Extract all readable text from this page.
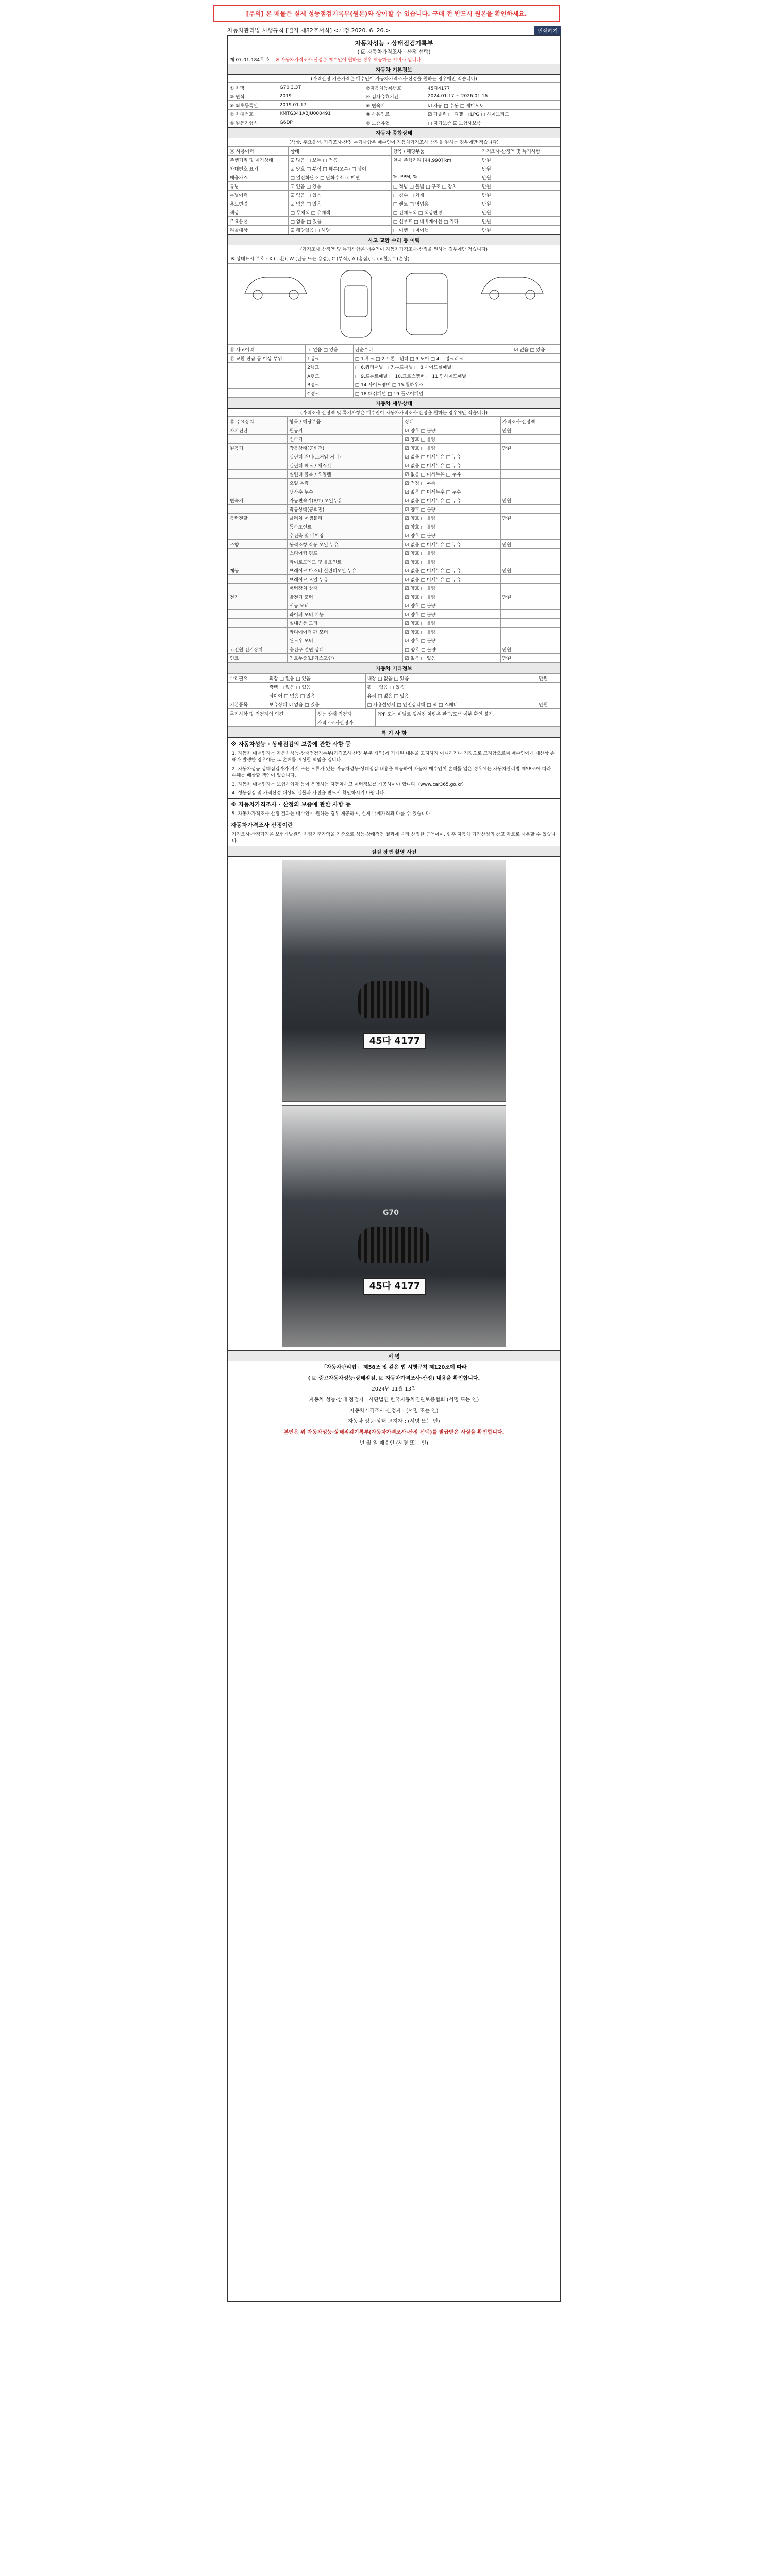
[주의] 본 매물은 실제 성능점검기록부(원본)와 상이할 수 있습니다. 구매 전 반드시 원본을 확인하세요.
자동차관리법 시행규칙 [별지 제82호서식] <개정 2020. 6. 26.>	인쇄하기
자동차성능 · 상태점검기록부
( ☑ 자동차가격조사 · 산정 선택)
제 07-01-184호 호 ※ 자동차가격조사·산정은 매수인이 원하는 경우 제공하는 서비스 입니다.
자동차 기본정보
(가격산정 기준가격은 매수인이 자동차가격조사·산정을 원하는 경우에만 적습니다)
① 차명	G70 3.3T	②자동차등록번호	45다4177
③ 연식	2019	④ 검사유효기간	2024.01.17 ~ 2026.01.16
⑤ 최초등록일	2019.01.17	⑥ 변속기	☑ 자동 □ 수동 □ 세미오토
⑦ 차대번호	KMTG341ABJU000491	⑧ 사용연료	☑ 가솔린 □ 디젤 □ LPG □ 하이브리드
⑨ 원동기형식	G6DP	⑩ 보증유형	□ 자가보증 ☑ 보험사보증
자동차 종합상태
(색상, 주요옵션, 가격조사·산정 특기사항은 매수인이 자동차가격조사·산정을 원하는 경우에만 적습니다)
⑪ 사용이력	상태	항목 / 해당부품	가격조사·산정액 및 특기사항
주행거리 및 계기상태	☑ 많음 □ 보통 □ 적음	현재 주행거리 [44,990] km	만원
차대번호 표기	☑ 양호 □ 부식 □ 훼손(오손) □ 상이		만원
배출가스	□ 일산화탄소 □ 탄화수소 ☑ 매연	%, PPM, %	만원
튜닝	☑ 없음 □ 있음	□ 적법 □ 불법 □ 구조 □ 장치	만원
특별이력	☑ 없음 □ 있음	□ 침수 □ 화재	만원
용도변경	☑ 없음 □ 있음	□ 렌트 □ 영업용	만원
색상	□ 무채색 □ 유채색	□ 전체도색 □ 색상변경	만원
주요옵션	□ 없음 □ 있음	□ 선루프 □ 네비게이션 □ 기타	만원
리콜대상	☑ 해당없음 □ 해당	□ 이행 □ 미이행	만원
사고 교환 수리 등 이력
(가격조사·산정액 및 특기사항은 매수인이 자동차가격조사·산정을 원하는 경우에만 적습니다)
※ 상태표시 부호 : X (교환), W (판금 또는 용접), C (부식), A (흠집), U (요철), T (손상)
⑬ 사고이력	☑ 없음 □ 있음	단순수리	☑ 없음 □ 있음
⑭ 교환 판금 등 이상 부위	1랭크	□ 1.후드 □ 2.프론트휀더 □ 3.도어 □ 4.트렁크리드	
	2랭크	□ 6.쿼터패널 □ 7.루프패널 □ 8.사이드실패널	
	A랭크	□ 9.프론트패널 □ 10.크로스멤버 □ 11.인사이드패널	
	B랭크	□ 14.사이드멤버 □ 15.휠하우스	
	C랭크	□ 18.대쉬패널 □ 19.플로어패널	
자동차 세부상태
(가격조사·산정액 및 특기사항은 매수인이 자동차가격조사·산정을 원하는 경우에만 적습니다)
⑰ 주요장치	항목 / 해당부품	상태	가격조사·산정액
자기진단	원동기	☑ 양호 □ 불량	만원
	변속기	☑ 양호 □ 불량	
원동기	작동상태(공회전)	☑ 양호 □ 불량	만원
	실린더 커버(로커암 커버)	☑ 없음 □ 미세누유 □ 누유	
	실린더 헤드 / 개스킷	☑ 없음 □ 미세누유 □ 누유	
	실린더 블록 / 오일팬	☑ 없음 □ 미세누유 □ 누유	
	오일 유량	☑ 적정 □ 부족	
	냉각수 누수	☑ 없음 □ 미세누수 □ 누수	
변속기	자동변속기(A/T) 오일누유	☑ 없음 □ 미세누유 □ 누유	만원
	작동상태(공회전)	☑ 양호 □ 불량	
동력전달	클러치 어셈블리	☑ 양호 □ 불량	만원
	등속조인트	☑ 양호 □ 불량	
	추진축 및 베어링	☑ 양호 □ 불량	
조향	동력조향 작동 오일 누유	☑ 없음 □ 미세누유 □ 누유	만원
	스티어링 펌프	☑ 양호 □ 불량	
	타이로드엔드 및 볼조인트	☑ 양호 □ 불량	
제동	브레이크 마스터 실린더오일 누유	☑ 없음 □ 미세누유 □ 누유	만원
	브레이크 오일 누유	☑ 없음 □ 미세누유 □ 누유	
	배력장치 상태	☑ 양호 □ 불량	
전기	발전기 출력	☑ 양호 □ 불량	만원
	시동 모터	☑ 양호 □ 불량	
	와이퍼 모터 기능	☑ 양호 □ 불량	
	실내송풍 모터	☑ 양호 □ 불량	
	라디에이터 팬 모터	☑ 양호 □ 불량	
	윈도우 모터	☑ 양호 □ 불량	
고전원 전기장치	충전구 절연 상태	□ 양호 □ 불량	만원
연료	연료누출(LP가스포함)	☑ 없음 □ 있음	만원
자동차 기타정보
수리필요	외장 □ 없음 □ 있음	내장 □ 없음 □ 있음	만원
	광택 □ 없음 □ 있음	휠 □ 없음 □ 있음	
	타이어 □ 없음 □ 있음	유리 □ 없음 □ 있음	
기본품목	보유상태 ☑ 없음 □ 있음	□ 사용설명서 □ 안전삼각대 □ 잭 □ 스패너	만원
특기사항 및 점검자의 의견	성능·상태 점검자	PPF 또는 비닐로 덮혀진 차량은 판금/도색 여부 확인 불가.
	가격 · 조사산정자	
특 기 사 항
※ 자동차성능 · 상태점검의 보증에 관한 사항 등
1. 자동차 매매업자는 자동차성능·상태점검기록부(가격조사·산정 부분 제외)에 기재된 내용을 고지하지 아니하거나 거짓으로 고지함으로써 매수인에게 재산상 손해가 발생한 경우에는 그 손해를 배상할 책임을 집니다.
2. 자동차성능·상태점검자가 거짓 또는 오류가 있는 자동차성능·상태점검 내용을 제공하여 자동차 매수인이 손해를 입은 경우에는 자동차관리법 제58조에 따라 손해를 배상할 책임이 있습니다.
3. 자동차 매매업자는 보험사업자 등이 운영하는 자동차사고 이력정보를 제공하여야 합니다. (www.car365.go.kr)
4. 성능점검 및 가격산정 대상의 실물과 사진을 반드시 확인하시기 바랍니다.
※ 자동차가격조사 · 산정의 보증에 관한 사항 등
5. 자동차가격조사·산정 결과는 매수인이 원하는 경우 제공하며, 실제 매매가격과 다를 수 있습니다.
자동차가격조사 산정이란
가격조사·산정가격은 보험개발원의 차량기준가액을 기준으로 성능·상태점검 결과에 따라 산정한 금액이며, 향후 자동차 가격산정의 참고 자료로 사용할 수 있습니다.
점검 장면 촬영 사진
45다 4177
G70
45다 4177
서 명
「자동차관리법」 제58조 및 같은 법 시행규칙 제120조에 따라
( ☑ 중고자동차성능·상태점검, ☑ 자동차가격조사·산정) 내용을 확인합니다.
2024년 11월 13일
자동차 성능·상태 점검자 : 사단법인 한국자동차진단보증협회 (서명 또는 인)
자동차가격조사·산정자 : (서명 또는 인)
자동차 성능·상태 고지자 : (서명 또는 인)
본인은 위 자동차성능·상태점검기록부(자동차가격조사·산정 선택)를 발급받은 사실을 확인합니다.
년 월 일 매수인 (서명 또는 인)
